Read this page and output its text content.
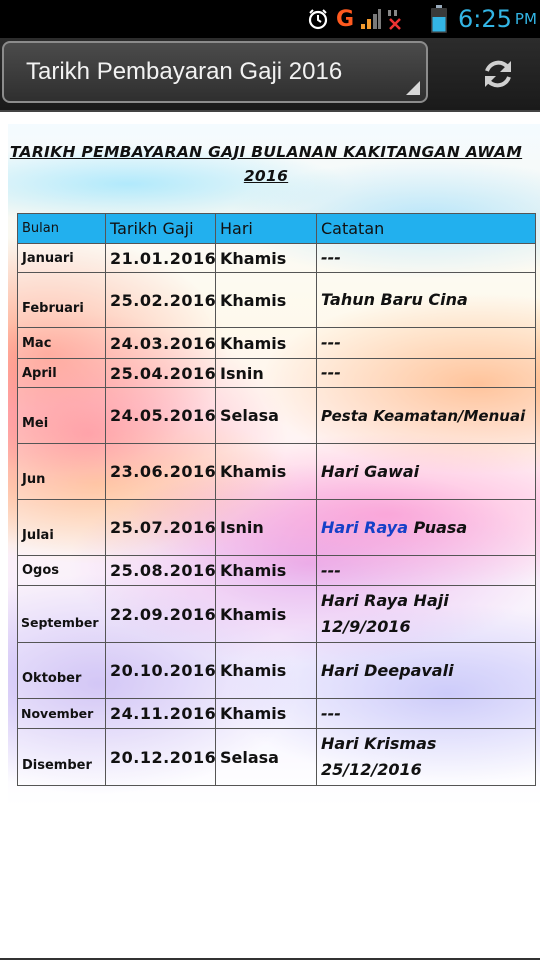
G	6:25 PM
Tarikh Pembayaran Gaji 2016
TARIKH PEMBAYARAN GAJI BULANAN KAKITANGAN AWAM
2016
Bulan	Tarikh Gaji	Hari	Catatan
Januari	21.01.2016	Khamis	---
Februari	25.02.2016	Khamis	Tahun Baru Cina
Mac	24.03.2016	Khamis	---
April	25.04.2016	Isnin	---
Mei	24.05.2016	Selasa	Pesta Keamatan/Menuai
Jun	23.06.2016	Khamis	Hari Gawai
Julai	25.07.2016	Isnin	Hari Raya Puasa
Ogos	25.08.2016	Khamis	---
September	22.09.2016	Khamis	Hari Raya Haji
12/9/2016
Oktober	20.10.2016	Khamis	Hari Deepavali
November	24.11.2016	Khamis	---
Disember	20.12.2016	Selasa	Hari Krismas
25/12/2016
